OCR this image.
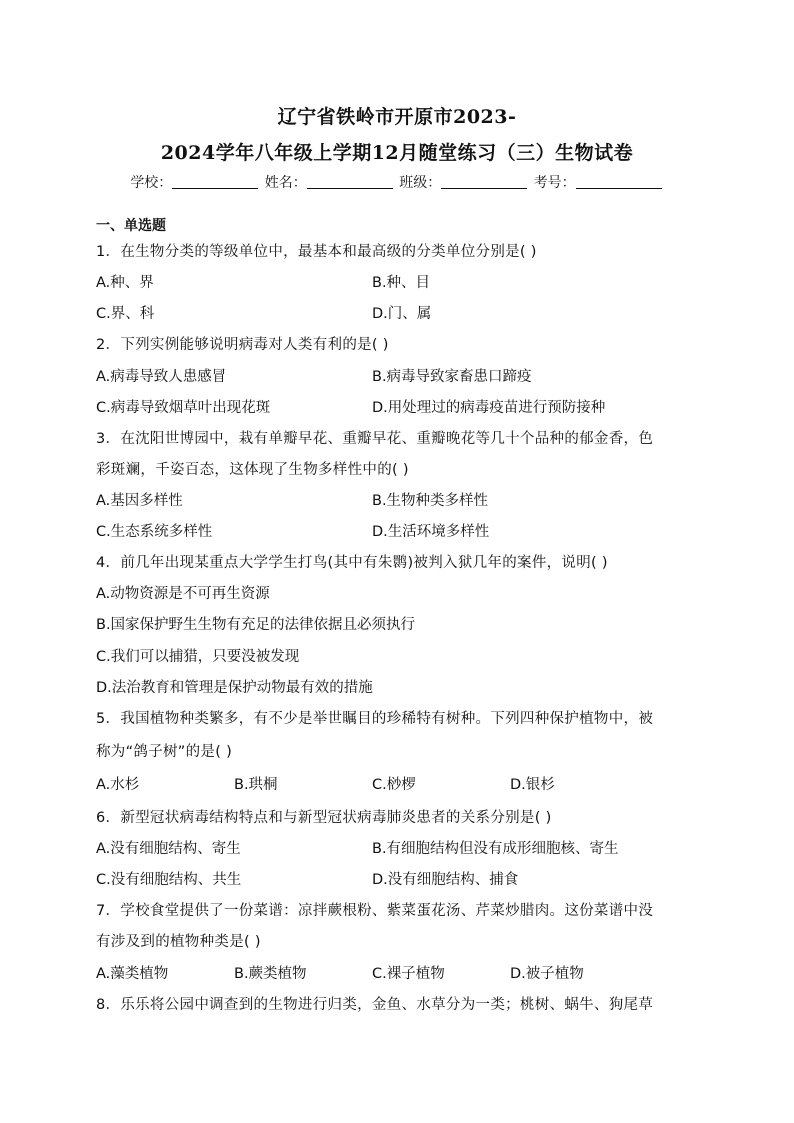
辽宁省铁岭市开原市2023-
2024学年八年级上学期12月随堂练习（三）生物试卷
学校：	姓名：	班级：	考号：
一、单选题
1．在生物分类的等级单位中，最基本和最高级的分类单位分别是( )
A.种、界	B.种、目
C.界、科	D.门、属
2．下列实例能够说明病毒对人类有利的是( )
A.病毒导致人患感冒	B.病毒导致家畜患口蹄疫
C.病毒导致烟草叶出现花斑	D.用处理过的病毒疫苗进行预防接种
3．在沈阳世博园中，栽有单瓣早花、重瓣早花、重瓣晚花等几十个品种的郁金香，色
彩斑斓，千姿百态，这体现了生物多样性中的( )
A.基因多样性	B.生物种类多样性
C.生态系统多样性	D.生活环境多样性
4．前几年出现某重点大学学生打鸟(其中有朱鹮)被判入狱几年的案件，说明( )
A.动物资源是不可再生资源
B.国家保护野生生物有充足的法律依据且必须执行
C.我们可以捕猎，只要没被发现
D.法治教育和管理是保护动物最有效的措施
5．我国植物种类繁多，有不少是举世瞩目的珍稀特有树种。下列四种保护植物中，被
称为“鸽子树”的是( )
A.水杉	B.珙桐	C.桫椤	D.银杉
6．新型冠状病毒结构特点和与新型冠状病毒肺炎患者的关系分别是( )
A.没有细胞结构、寄生	B.有细胞结构但没有成形细胞核、寄生
C.没有细胞结构、共生	D.没有细胞结构、捕食
7．学校食堂提供了一份菜谱：凉拌蕨根粉、紫菜蛋花汤、芹菜炒腊肉。这份菜谱中没
有涉及到的植物种类是( )
A.藻类植物	B.蕨类植物	C.裸子植物	D.被子植物
8．乐乐将公园中调查到的生物进行归类，金鱼、水草分为一类；桃树、蜗牛、狗尾草
